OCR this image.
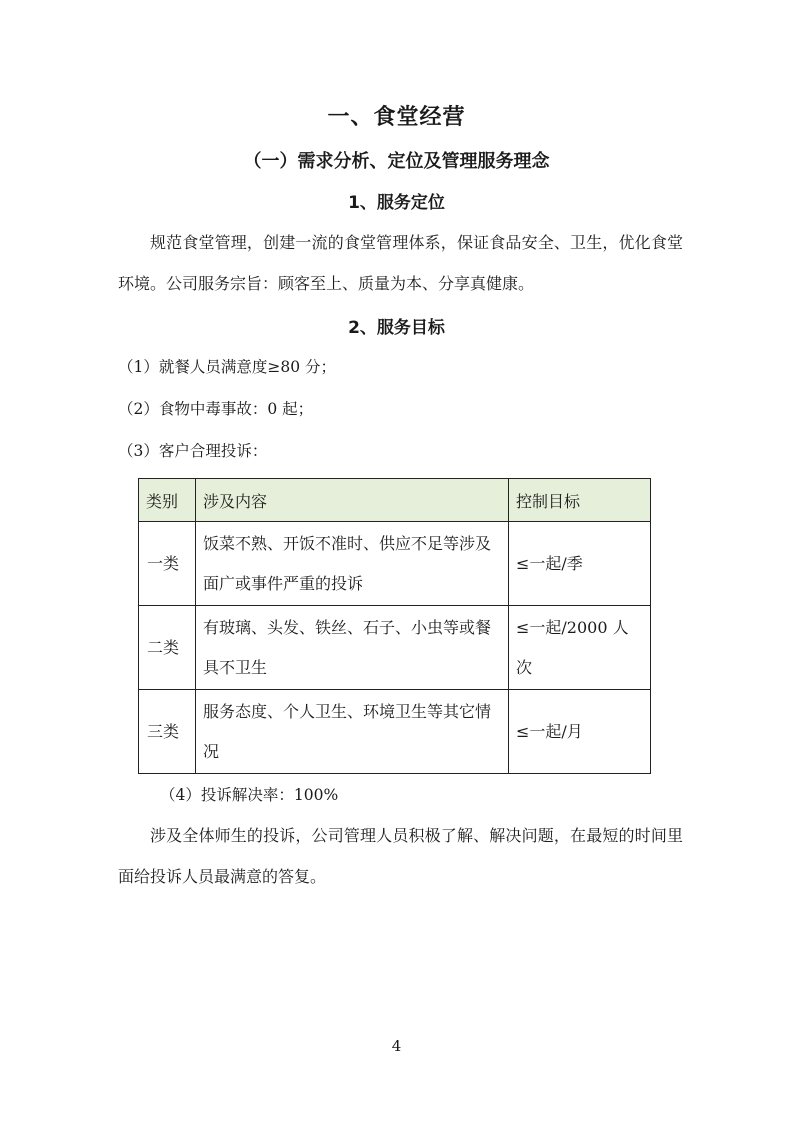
一、食堂经营
（一）需求分析、定位及管理服务理念
1、服务定位
规范食堂管理，创建一流的食堂管理体系，保证食品安全、卫生，优化食堂环境。公司服务宗旨：顾客至上、质量为本、分享真健康。
2、服务目标
（1）就餐人员满意度≥80 分；
（2）食物中毒事故：0 起；
（3）客户合理投诉：
类别	涉及内容	控制目标
一类	饭菜不熟、开饭不准时、供应不足等涉及面广或事件严重的投诉	≤一起/季
二类	有玻璃、头发、铁丝、石子、小虫等或餐具不卫生	≤一起/2000 人次
三类	服务态度、个人卫生、环境卫生等其它情况	≤一起/月
（4）投诉解决率：100%
涉及全体师生的投诉，公司管理人员积极了解、解决问题，在最短的时间里面给投诉人员最满意的答复。
4
